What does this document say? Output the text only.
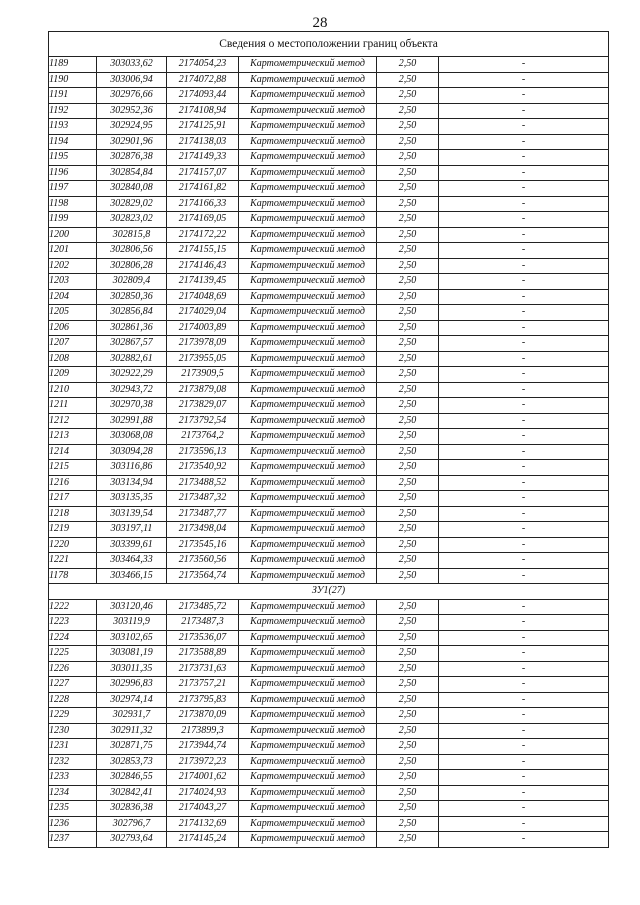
28
Сведения о местоположении границ объекта					
1189	303033,62	2174054,23	Картометрический метод	2,50	-
1190	303006,94	2174072,88	Картометрический метод	2,50	-
1191	302976,66	2174093,44	Картометрический метод	2,50	-
1192	302952,36	2174108,94	Картометрический метод	2,50	-
1193	302924,95	2174125,91	Картометрический метод	2,50	-
1194	302901,96	2174138,03	Картометрический метод	2,50	-
1195	302876,38	2174149,33	Картометрический метод	2,50	-
1196	302854,84	2174157,07	Картометрический метод	2,50	-
1197	302840,08	2174161,82	Картометрический метод	2,50	-
1198	302829,02	2174166,33	Картометрический метод	2,50	-
1199	302823,02	2174169,05	Картометрический метод	2,50	-
1200	302815,8	2174172,22	Картометрический метод	2,50	-
1201	302806,56	2174155,15	Картометрический метод	2,50	-
1202	302806,28	2174146,43	Картометрический метод	2,50	-
1203	302809,4	2174139,45	Картометрический метод	2,50	-
1204	302850,36	2174048,69	Картометрический метод	2,50	-
1205	302856,84	2174029,04	Картометрический метод	2,50	-
1206	302861,36	2174003,89	Картометрический метод	2,50	-
1207	302867,57	2173978,09	Картометрический метод	2,50	-
1208	302882,61	2173955,05	Картометрический метод	2,50	-
1209	302922,29	2173909,5	Картометрический метод	2,50	-
1210	302943,72	2173879,08	Картометрический метод	2,50	-
1211	302970,38	2173829,07	Картометрический метод	2,50	-
1212	302991,88	2173792,54	Картометрический метод	2,50	-
1213	303068,08	2173764,2	Картометрический метод	2,50	-
1214	303094,28	2173596,13	Картометрический метод	2,50	-
1215	303116,86	2173540,92	Картометрический метод	2,50	-
1216	303134,94	2173488,52	Картометрический метод	2,50	-
1217	303135,35	2173487,32	Картометрический метод	2,50	-
1218	303139,54	2173487,77	Картометрический метод	2,50	-
1219	303197,11	2173498,04	Картометрический метод	2,50	-
1220	303399,61	2173545,16	Картометрический метод	2,50	-
1221	303464,33	2173560,56	Картометрический метод	2,50	-
1178	303466,15	2173564,74	Картометрический метод	2,50	-
ЗУ1(27)					
1222	303120,46	2173485,72	Картометрический метод	2,50	-
1223	303119,9	2173487,3	Картометрический метод	2,50	-
1224	303102,65	2173536,07	Картометрический метод	2,50	-
1225	303081,19	2173588,89	Картометрический метод	2,50	-
1226	303011,35	2173731,63	Картометрический метод	2,50	-
1227	302996,83	2173757,21	Картометрический метод	2,50	-
1228	302974,14	2173795,83	Картометрический метод	2,50	-
1229	302931,7	2173870,09	Картометрический метод	2,50	-
1230	302911,32	2173899,3	Картометрический метод	2,50	-
1231	302871,75	2173944,74	Картометрический метод	2,50	-
1232	302853,73	2173972,23	Картометрический метод	2,50	-
1233	302846,55	2174001,62	Картометрический метод	2,50	-
1234	302842,41	2174024,93	Картометрический метод	2,50	-
1235	302836,38	2174043,27	Картометрический метод	2,50	-
1236	302796,7	2174132,69	Картометрический метод	2,50	-
1237	302793,64	2174145,24	Картометрический метод	2,50	-
